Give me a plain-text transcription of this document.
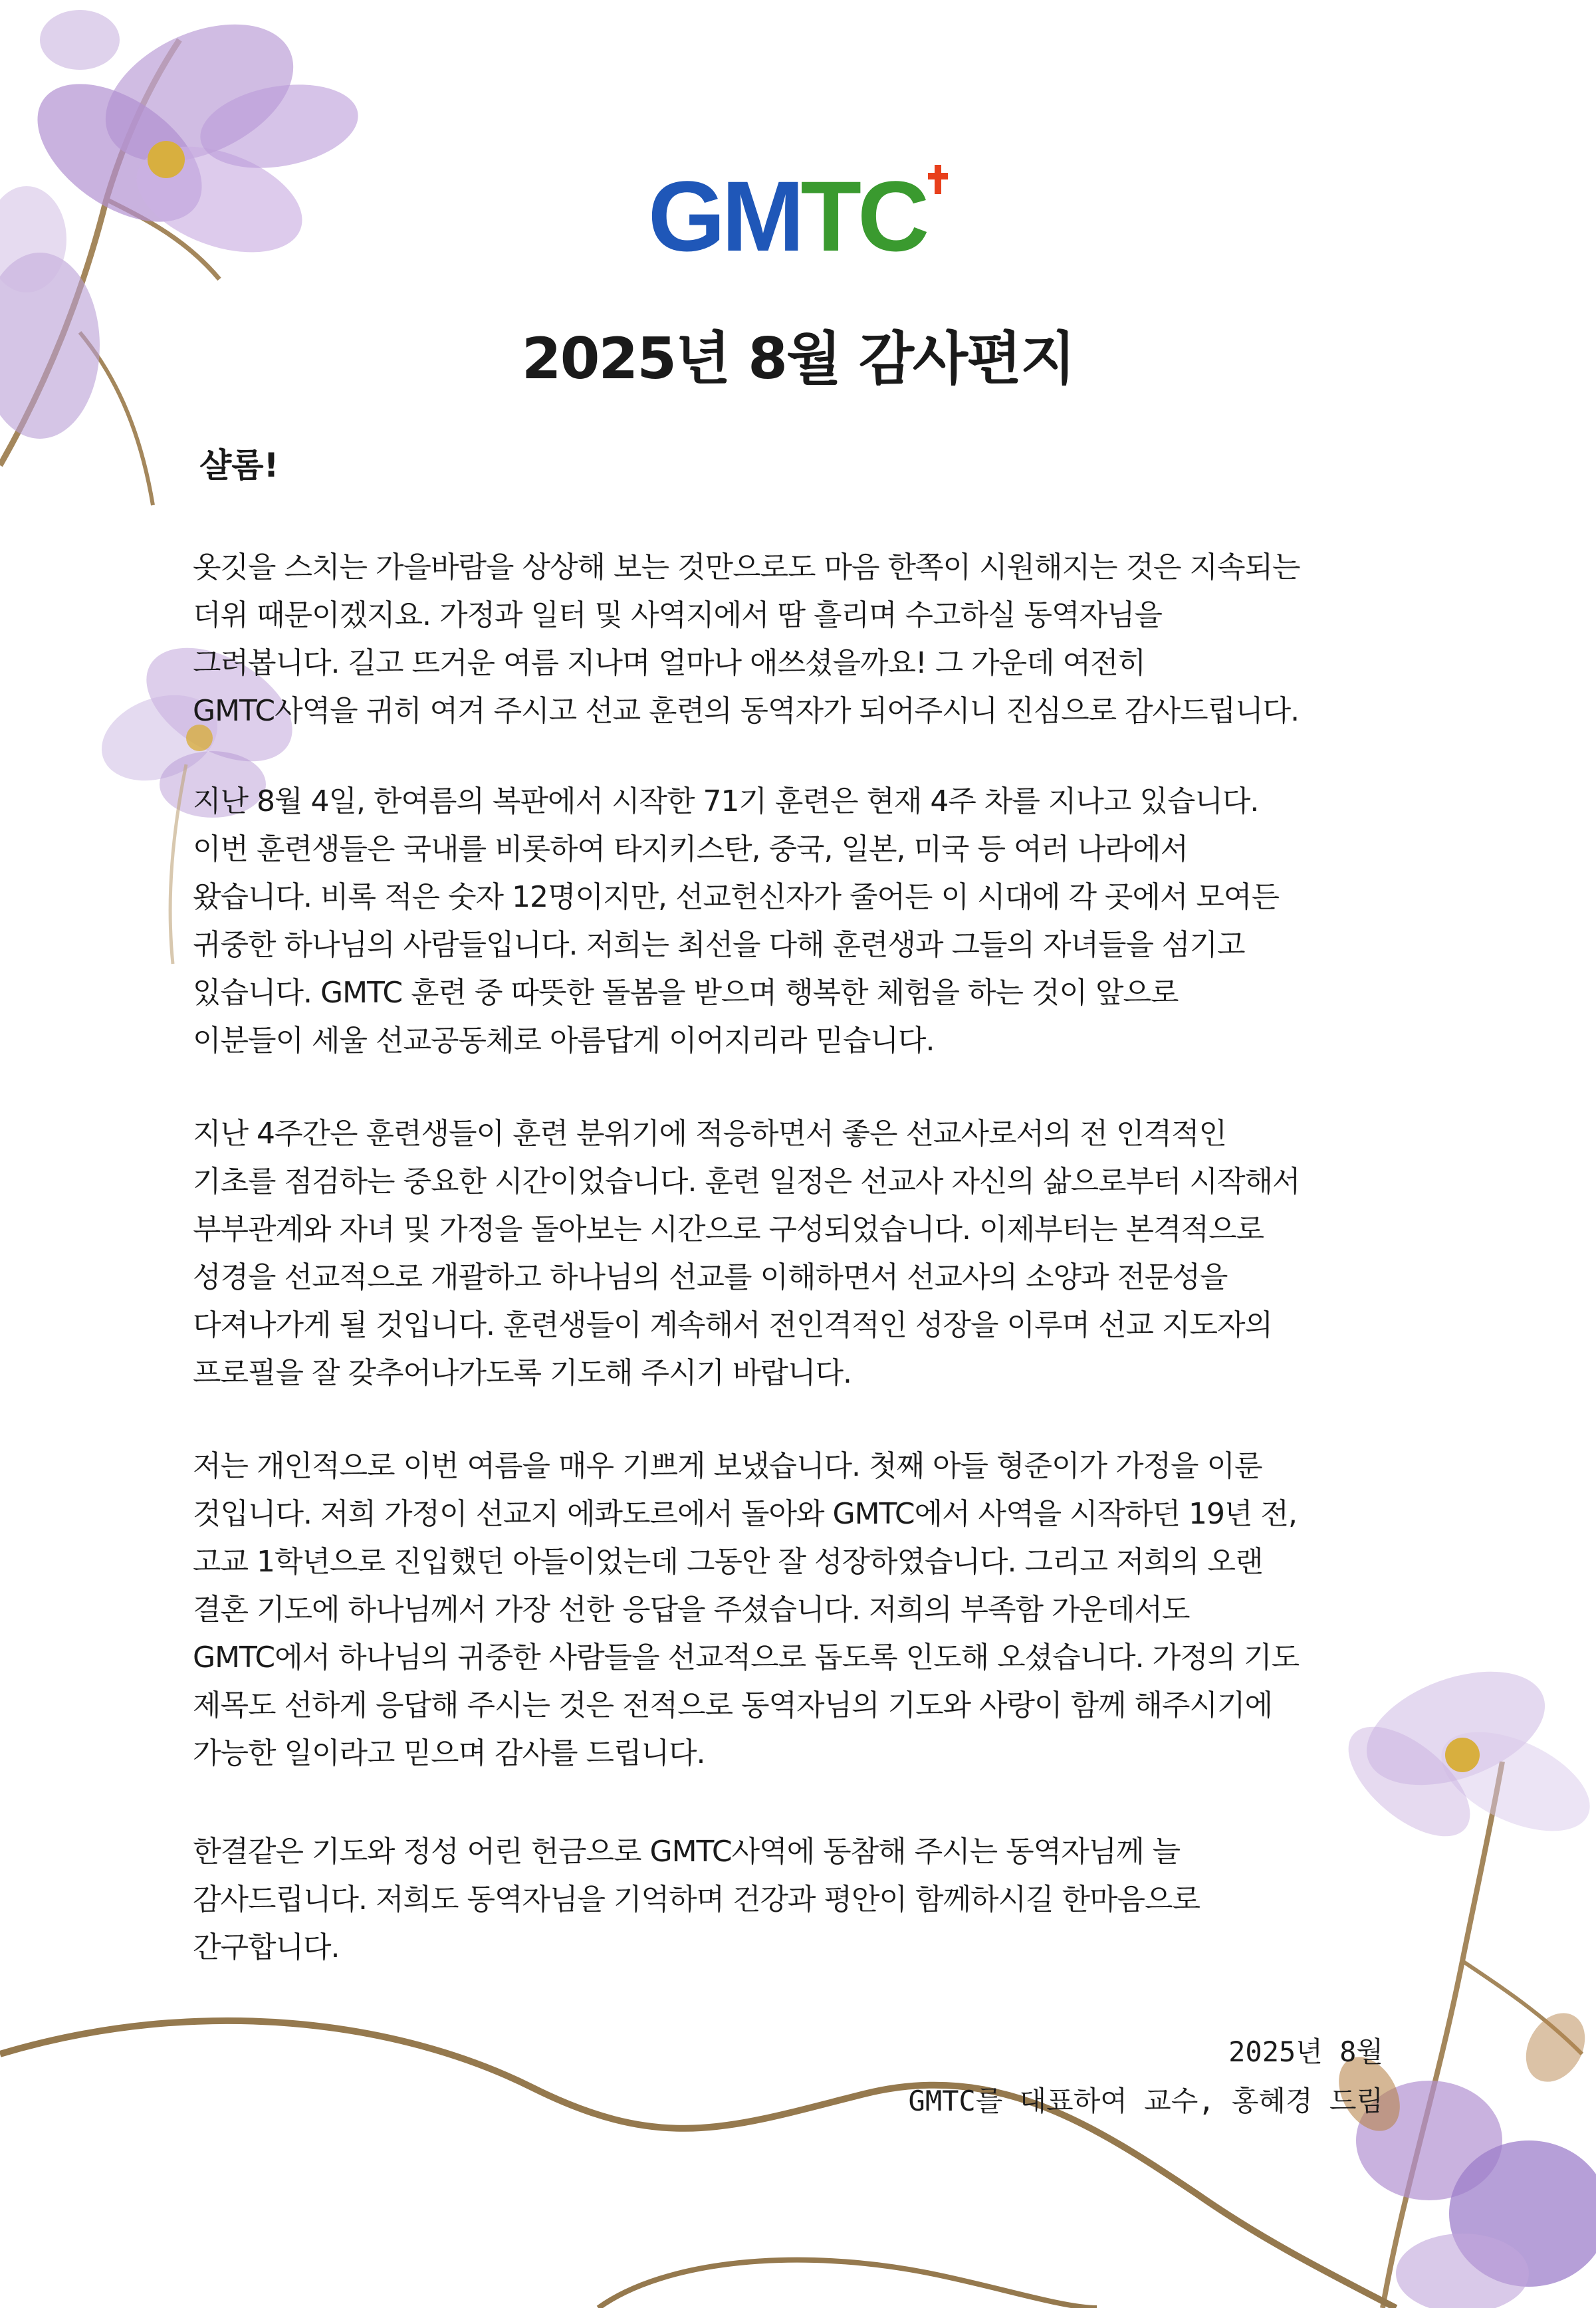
GMTC
2025년 8월 감사편지
샬롬!
옷깃을 스치는 가을바람을 상상해 보는 것만으로도 마음 한쪽이 시원해지는 것은 지속되는
더위 때문이겠지요. 가정과 일터 및 사역지에서 땀 흘리며 수고하실 동역자님을
그려봅니다. 길고 뜨거운 여름 지나며 얼마나 애쓰셨을까요! 그 가운데 여전히
GMTC사역을 귀히 여겨 주시고 선교 훈련의 동역자가 되어주시니 진심으로 감사드립니다.
지난 8월 4일, 한여름의 복판에서 시작한 71기 훈련은 현재 4주 차를 지나고 있습니다.
이번 훈련생들은 국내를 비롯하여 타지키스탄, 중국, 일본, 미국 등 여러 나라에서
왔습니다. 비록 적은 숫자 12명이지만, 선교헌신자가 줄어든 이 시대에 각 곳에서 모여든
귀중한 하나님의 사람들입니다. 저희는 최선을 다해 훈련생과 그들의 자녀들을 섬기고
있습니다. GMTC 훈련 중 따뜻한 돌봄을 받으며 행복한 체험을 하는 것이 앞으로
이분들이 세울 선교공동체로 아름답게 이어지리라 믿습니다.
지난 4주간은 훈련생들이 훈련 분위기에 적응하면서 좋은 선교사로서의 전 인격적인
기초를 점검하는 중요한 시간이었습니다. 훈련 일정은 선교사 자신의 삶으로부터 시작해서
부부관계와 자녀 및 가정을 돌아보는 시간으로 구성되었습니다. 이제부터는 본격적으로
성경을 선교적으로 개괄하고 하나님의 선교를 이해하면서 선교사의 소양과 전문성을
다져나가게 될 것입니다. 훈련생들이 계속해서 전인격적인 성장을 이루며 선교 지도자의
프로필을 잘 갖추어나가도록 기도해 주시기 바랍니다.
저는 개인적으로 이번 여름을 매우 기쁘게 보냈습니다. 첫째 아들 형준이가 가정을 이룬
것입니다. 저희 가정이 선교지 에콰도르에서 돌아와 GMTC에서 사역을 시작하던 19년 전,
고교 1학년으로 진입했던 아들이었는데 그동안 잘 성장하였습니다. 그리고 저희의 오랜
결혼 기도에 하나님께서 가장 선한 응답을 주셨습니다. 저희의 부족함 가운데서도
GMTC에서 하나님의 귀중한 사람들을 선교적으로 돕도록 인도해 오셨습니다. 가정의 기도
제목도 선하게 응답해 주시는 것은 전적으로 동역자님의 기도와 사랑이 함께 해주시기에
가능한 일이라고 믿으며 감사를 드립니다.
한결같은 기도와 정성 어린 헌금으로 GMTC사역에 동참해 주시는 동역자님께 늘
감사드립니다. 저희도 동역자님을 기억하며 건강과 평안이 함께하시길 한마음으로
간구합니다.
2025년 8월
GMTC를 대표하여 교수, 홍혜경 드림
